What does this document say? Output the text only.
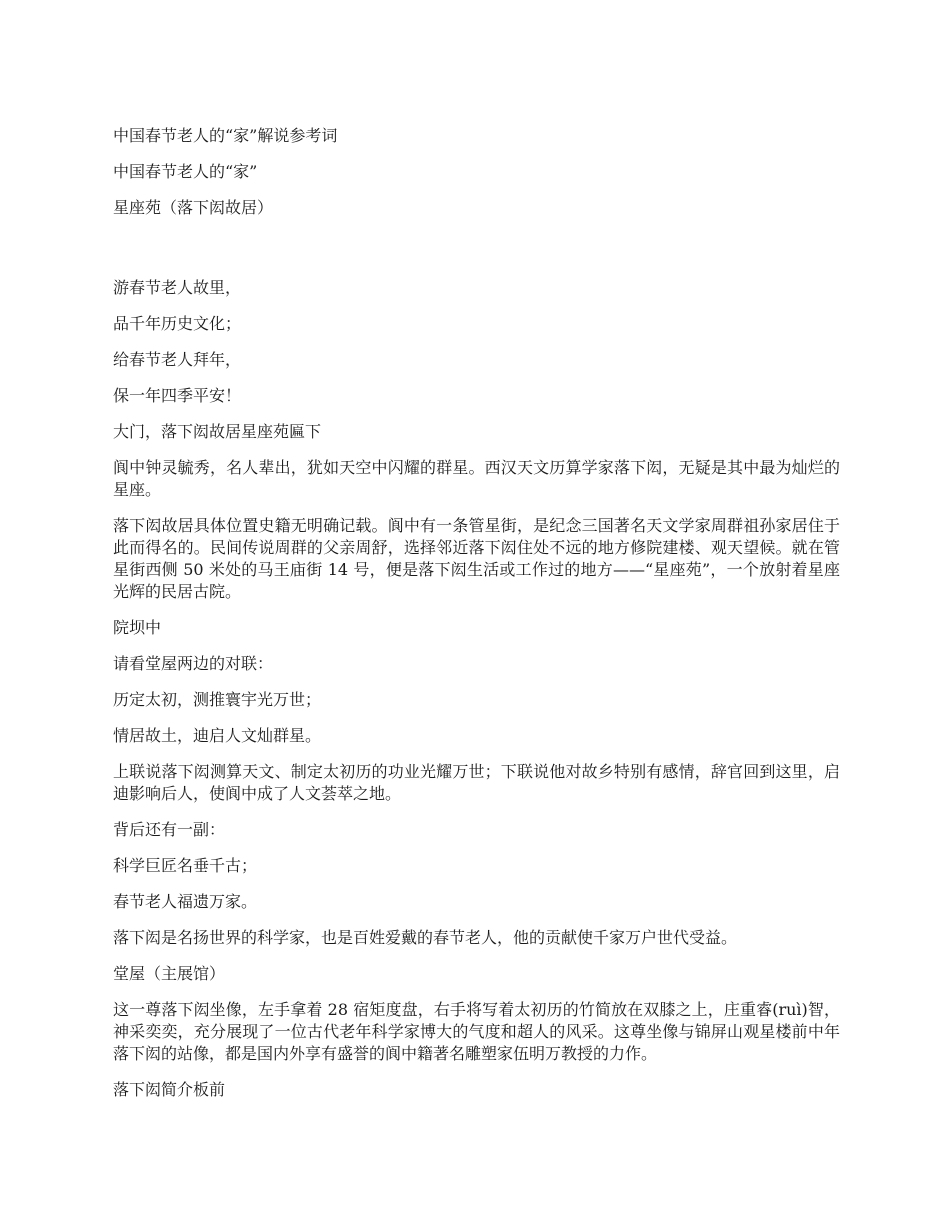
中国春节老人的“家”解说参考词

中国春节老人的“家”

星座苑（落下闳故居）

游春节老人故里，

品千年历史文化；

给春节老人拜年，

保一年四季平安！

大门，落下闳故居星座苑匾下

阆中钟灵毓秀，名人辈出，犹如天空中闪耀的群星。西汉天文历算学家落下闳，无疑是其中最为灿烂的星座。

落下闳故居具体位置史籍无明确记载。阆中有一条管星街，是纪念三国著名天文学家周群祖孙家居住于此而得名的。民间传说周群的父亲周舒，选择邻近落下闳住处不远的地方修院建楼、观天望候。就在管星街西侧 50 米处的马王庙街 14 号，便是落下闳生活或工作过的地方——“星座苑”，一个放射着星座光辉的民居古院。

院坝中

请看堂屋两边的对联：

历定太初，测推寰宇光万世；

情居故土，迪启人文灿群星。

上联说落下闳测算天文、制定太初历的功业光耀万世；下联说他对故乡特别有感情，辞官回到这里，启迪影响后人，使阆中成了人文荟萃之地。

背后还有一副：

科学巨匠名垂千古；

春节老人福遗万家。

落下闳是名扬世界的科学家，也是百姓爱戴的春节老人，他的贡献使千家万户世代受益。

堂屋（主展馆）

这一尊落下闳坐像，左手拿着 28 宿矩度盘，右手将写着太初历的竹简放在双膝之上，庄重睿(ruì)智，神采奕奕，充分展现了一位古代老年科学家博大的气度和超人的风采。这尊坐像与锦屏山观星楼前中年落下闳的站像，都是国内外享有盛誉的阆中籍著名雕塑家伍明万教授的力作。

落下闳简介板前
